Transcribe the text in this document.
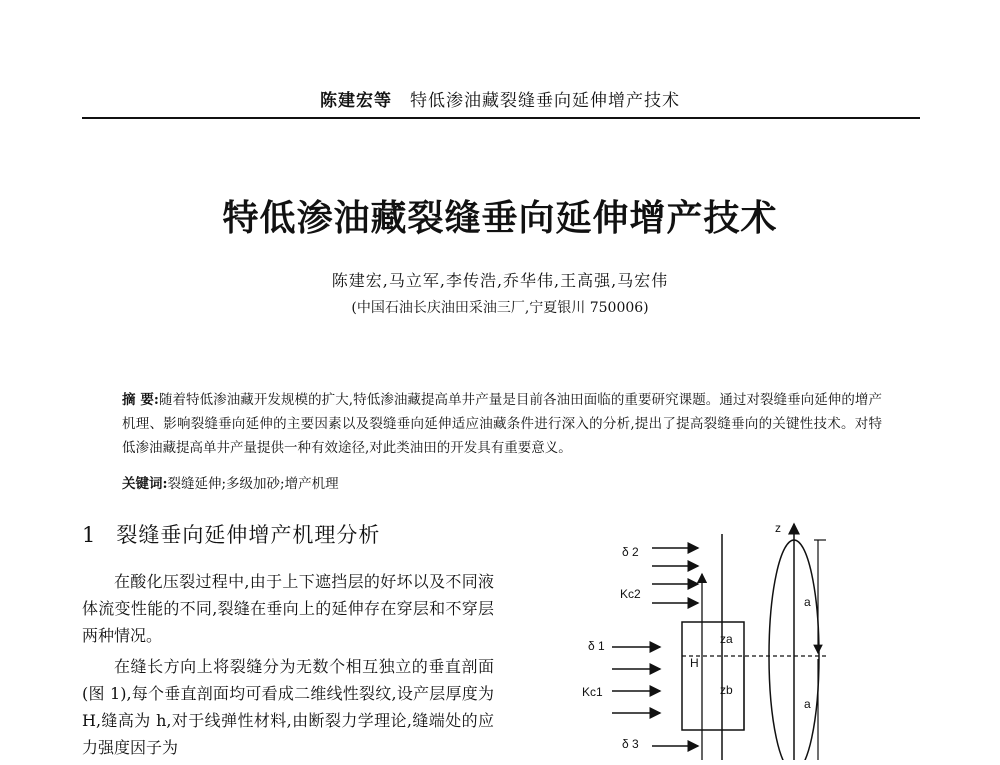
陈建宏等 特低渗油藏裂缝垂向延伸增产技术
特低渗油藏裂缝垂向延伸增产技术
陈建宏,马立军,李传浩,乔华伟,王高强,马宏伟
(中国石油长庆油田采油三厂,宁夏银川 750006)
摘 要:随着特低渗油藏开发规模的扩大,特低渗油藏提高单井产量是目前各油田面临的重要研究课题。通过对裂缝垂向延伸的增产机理、影响裂缝垂向延伸的主要因素以及裂缝垂向延伸适应油藏条件进行深入的分析,提出了提高裂缝垂向的关键性技术。对特低渗油藏提高单井产量提供一种有效途径,对此类油田的开发具有重要意义。
关键词:裂缝延伸;多级加砂;增产机理
1 裂缝垂向延伸增产机理分析

在酸化压裂过程中,由于上下遮挡层的好坏以及不同液体流变性能的不同,裂缝在垂向上的延伸存在穿层和不穿层两种情况。

在缝长方向上将裂缝分为无数个相互独立的垂直剖面(图 1),每个垂直剖面均可看成二维线性裂纹,设产层厚度为 H,缝高为 h,对于线弹性材料,由断裂力学理论,缝端处的应力强度因子为

z
δ 2
Kc2
δ 1
Kc1
δ 3
H
za
zb
a
a
